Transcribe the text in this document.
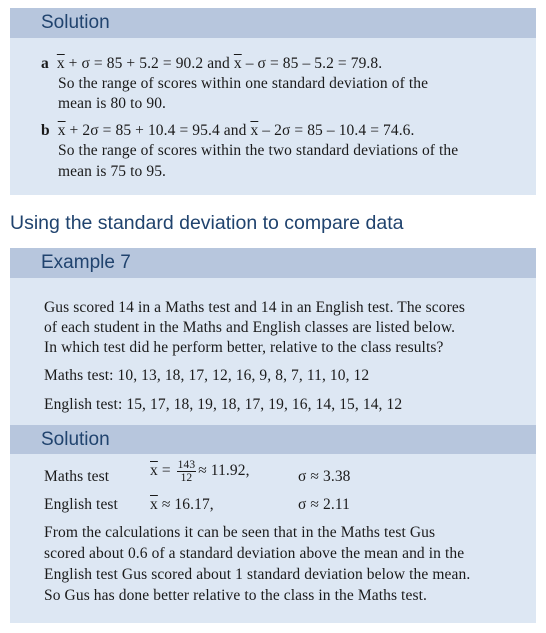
Solution
a $\overline{x} + \sigma = 85 + 5.2 = 90.2$ and $\overline{x} - \sigma = 85 - 5.2 = 79.8$.
So the range of scores within one standard deviation of the
mean is 80 to 90.
b $\overline{x} + 2\sigma = 85 + 10.4 = 95.4$ and $\overline{x} - 2\sigma = 85 - 10.4 = 74.6$.
So the range of scores within the two standard deviations of the
mean is 75 to 95.
Using the standard deviation to compare data
Example 7
Solution
Gus scored 14 in a Maths test and 14 in an English test. The scores
of each student in the Maths and English classes are listed below.
In which test did he perform better, relative to the class results?
Maths test: 10, 13, 18, 17, 12, 16, 9, 8, 7, 11, 10, 12
English test: 15, 17, 18, 19, 18, 17, 19, 16, 14, 15, 14, 12
Maths test	$\overline{x} = \frac{143}{12} \approx 11.92$,	σ ≈ 3.38
English test $\overline{x} \approx 16.17$,	σ ≈ 2.11
From the calculations it can be seen that in the Maths test Gus
scored about 0.6 of a standard deviation above the mean and in the
English test Gus scored about 1 standard deviation below the mean.
So Gus has done better relative to the class in the Maths test.
